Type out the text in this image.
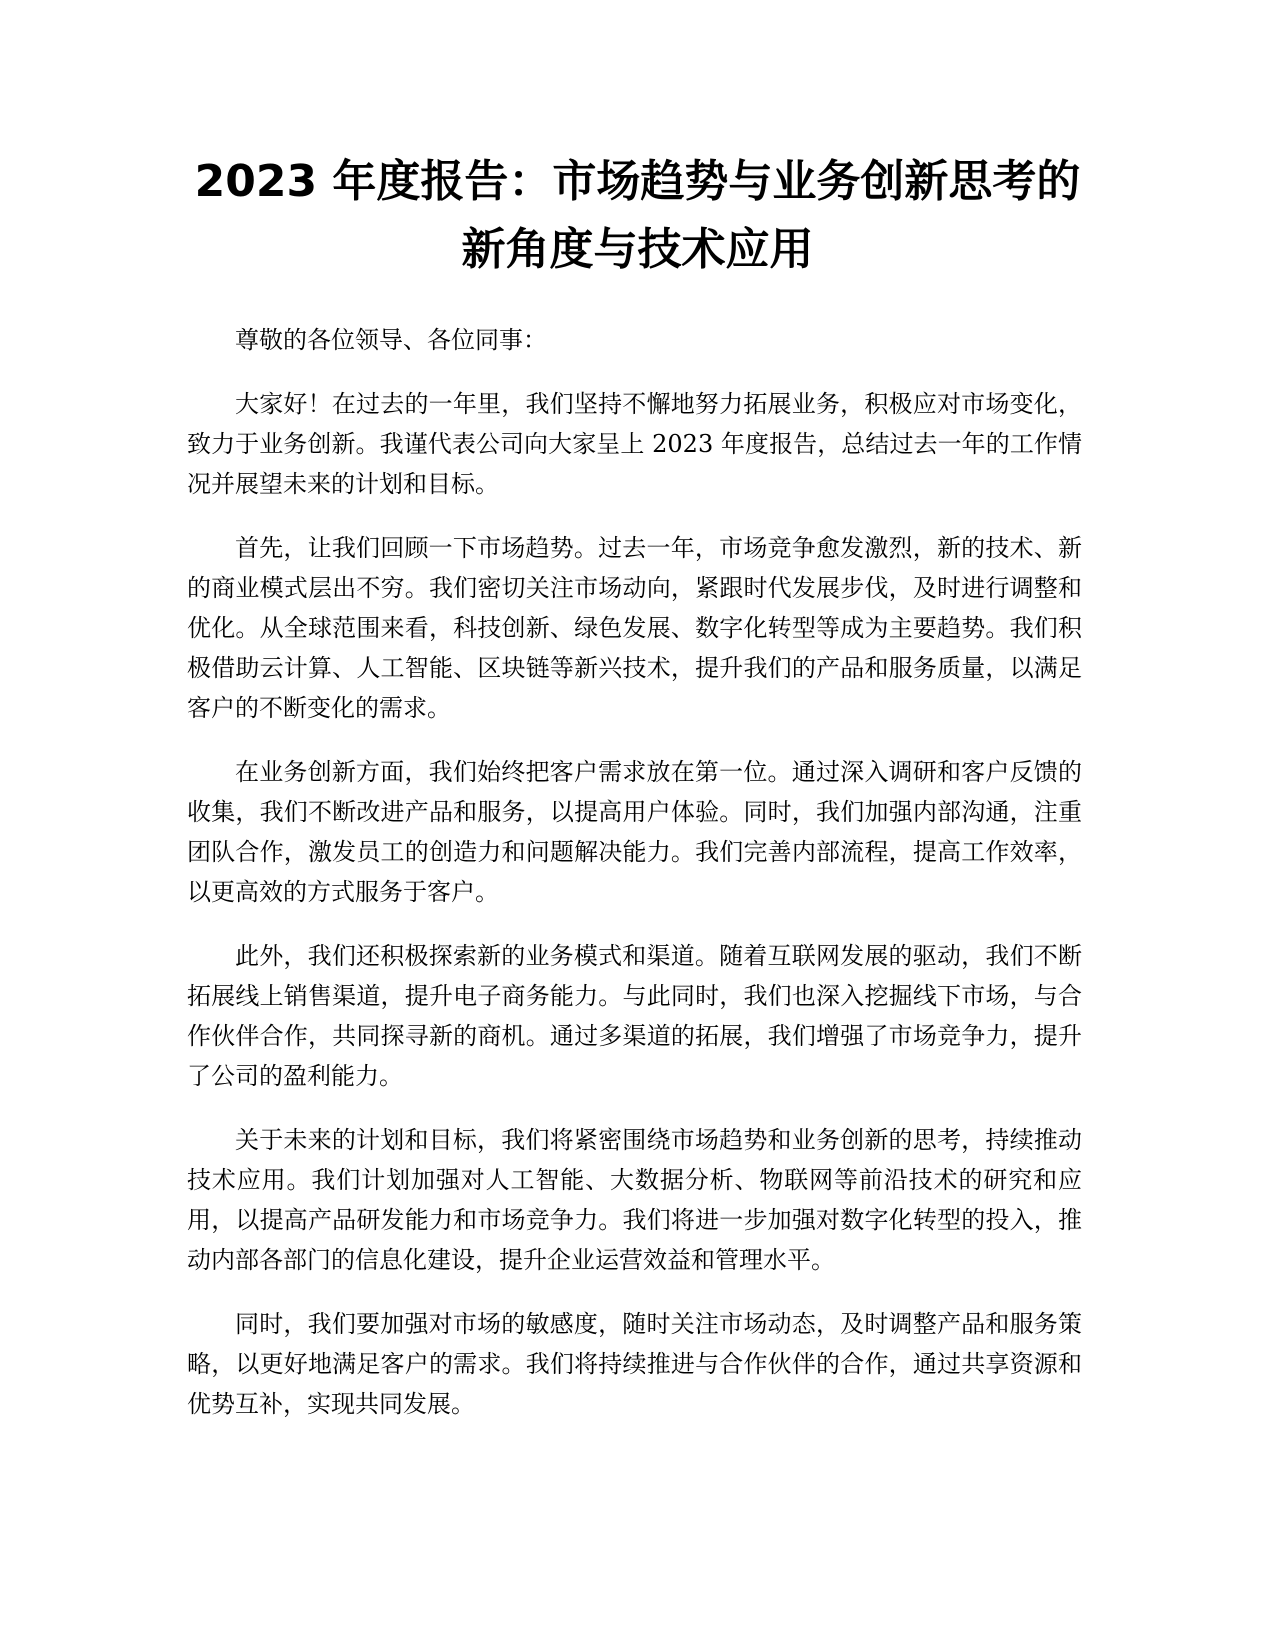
2023 年度报告：市场趋势与业务创新思考的
新角度与技术应用

尊敬的各位领导、各位同事：

大家好！在过去的一年里，我们坚持不懈地努力拓展业务，积极应对市场变化，致力于业务创新。我谨代表公司向大家呈上 2023 年度报告，总结过去一年的工作情况并展望未来的计划和目标。

首先，让我们回顾一下市场趋势。过去一年，市场竞争愈发激烈，新的技术、新的商业模式层出不穷。我们密切关注市场动向，紧跟时代发展步伐，及时进行调整和优化。从全球范围来看，科技创新、绿色发展、数字化转型等成为主要趋势。我们积极借助云计算、人工智能、区块链等新兴技术，提升我们的产品和服务质量，以满足客户的不断变化的需求。

在业务创新方面，我们始终把客户需求放在第一位。通过深入调研和客户反馈的收集，我们不断改进产品和服务，以提高用户体验。同时，我们加强内部沟通，注重团队合作，激发员工的创造力和问题解决能力。我们完善内部流程，提高工作效率，以更高效的方式服务于客户。

此外，我们还积极探索新的业务模式和渠道。随着互联网发展的驱动，我们不断拓展线上销售渠道，提升电子商务能力。与此同时，我们也深入挖掘线下市场，与合作伙伴合作，共同探寻新的商机。通过多渠道的拓展，我们增强了市场竞争力，提升了公司的盈利能力。

关于未来的计划和目标，我们将紧密围绕市场趋势和业务创新的思考，持续推动技术应用。我们计划加强对人工智能、大数据分析、物联网等前沿技术的研究和应用，以提高产品研发能力和市场竞争力。我们将进一步加强对数字化转型的投入，推动内部各部门的信息化建设，提升企业运营效益和管理水平。

同时，我们要加强对市场的敏感度，随时关注市场动态，及时调整产品和服务策略，以更好地满足客户的需求。我们将持续推进与合作伙伴的合作，通过共享资源和优势互补，实现共同发展。
